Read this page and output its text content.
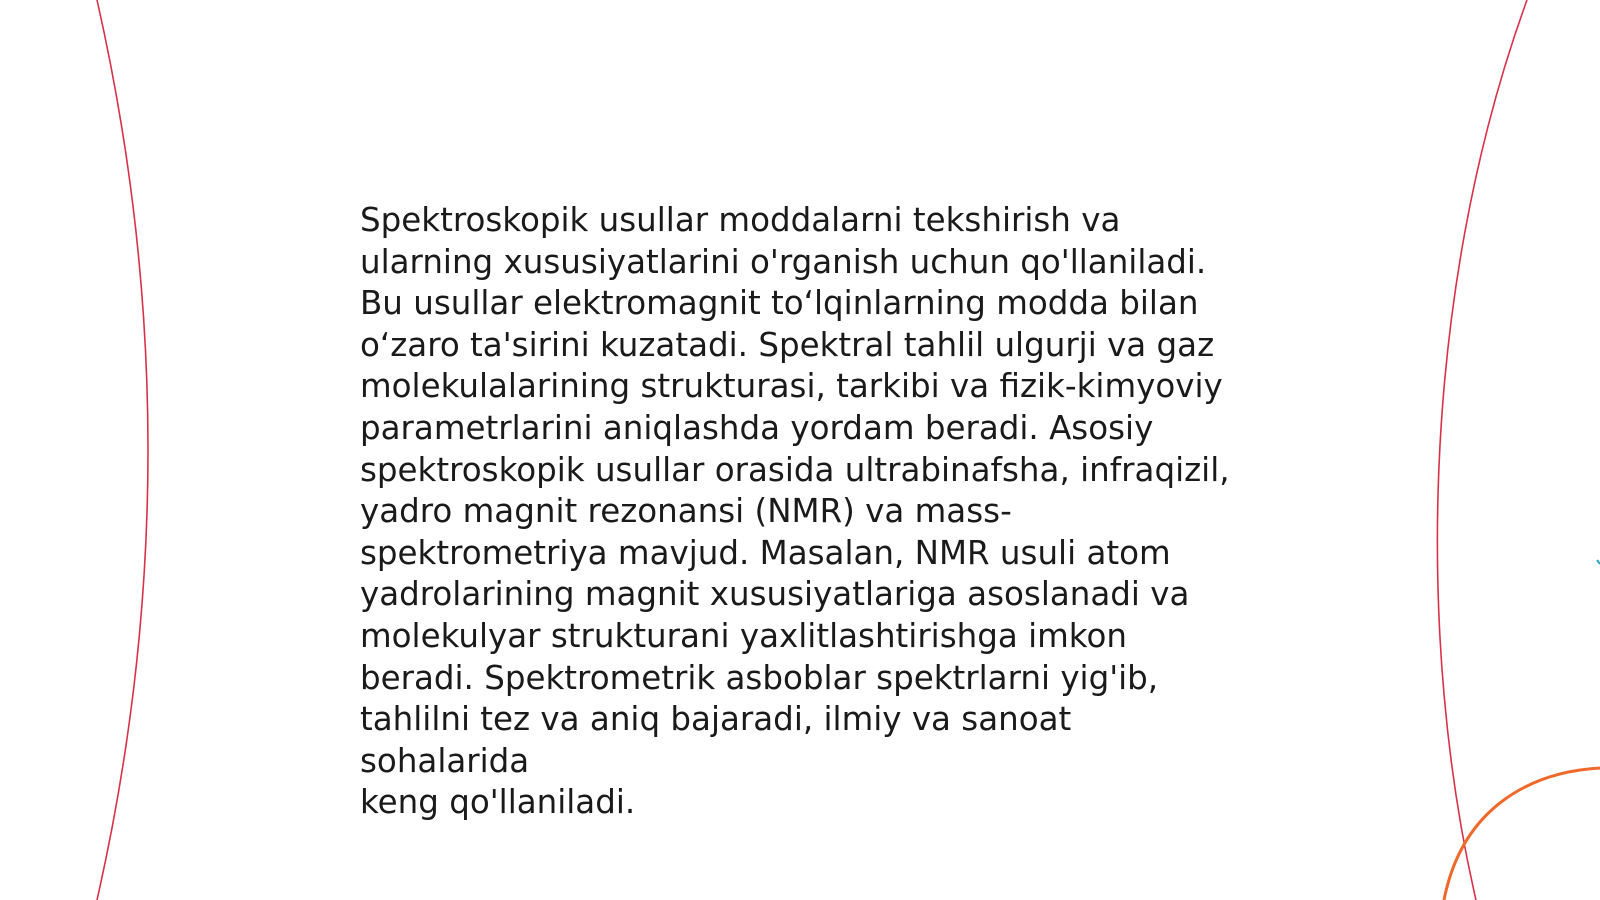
Spektroskopik usullar moddalarni tekshirish va
ularning xususiyatlarini o'rganish uchun qo'llaniladi.
Bu usullar elektromagnit to‘lqinlarning modda bilan
o‘zaro ta'sirini kuzatadi. Spektral tahlil ulgurji va gaz
molekulalarining strukturasi, tarkibi va fizik-kimyoviy
parametrlarini aniqlashda yordam beradi. Asosiy
spektroskopik usullar orasida ultrabinafsha, infraqizil,
yadro magnit rezonansi (NMR) va mass-
spektrometriya mavjud. Masalan, NMR usuli atom
yadrolarining magnit xususiyatlariga asoslanadi va
molekulyar strukturani yaxlitlashtirishga imkon
beradi. Spektrometrik asboblar spektrlarni yig'ib,
tahlilni tez va aniq bajaradi, ilmiy va sanoat sohalarida
keng qo'llaniladi.
